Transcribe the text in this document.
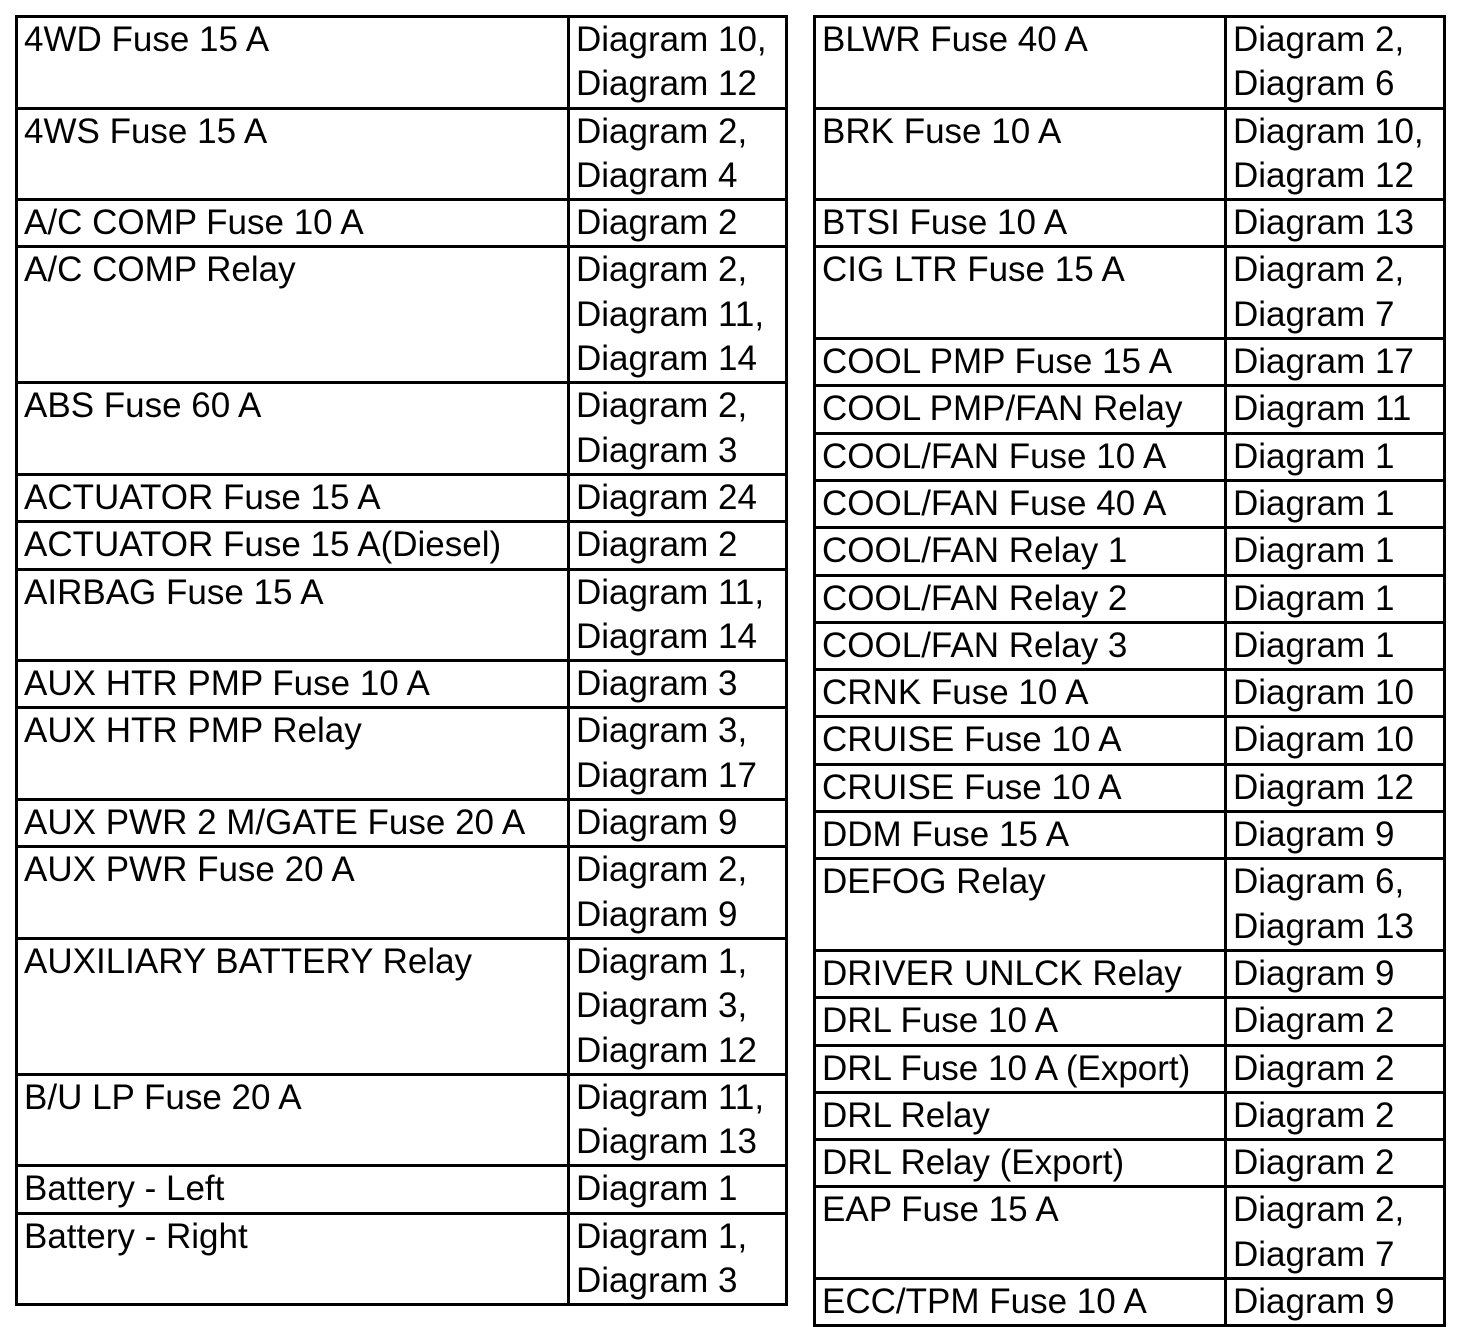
4WD Fuse 15 A	Diagram 10,
Diagram 12

4WS Fuse 15 A	Diagram 2,
Diagram 4

A/C COMP Fuse 10 A	Diagram 2

A/C COMP Relay	Diagram 2,
Diagram 11,
Diagram 14

ABS Fuse 60 A	Diagram 2,
Diagram 3

ACTUATOR Fuse 15 A	Diagram 24

ACTUATOR Fuse 15 A(Diesel)	Diagram 2

AIRBAG Fuse 15 A	Diagram 11,
Diagram 14

AUX HTR PMP Fuse 10 A	Diagram 3

AUX HTR PMP Relay	Diagram 3,
Diagram 17

AUX PWR 2 M/GATE Fuse 20 A	Diagram 9

AUX PWR Fuse 20 A	Diagram 2,
Diagram 9

AUXILIARY BATTERY Relay	Diagram 1,
Diagram 3,
Diagram 12

B/U LP Fuse 20 A	Diagram 11,
Diagram 13

Battery - Left	Diagram 1

Battery - Right	Diagram 1,
Diagram 3
BLWR Fuse 40 A	Diagram 2,
Diagram 6

BRK Fuse 10 A	Diagram 10,
Diagram 12

BTSI Fuse 10 A	Diagram 13

CIG LTR Fuse 15 A	Diagram 2,
Diagram 7

COOL PMP Fuse 15 A	Diagram 17

COOL PMP/FAN Relay	Diagram 11

COOL/FAN Fuse 10 A	Diagram 1

COOL/FAN Fuse 40 A	Diagram 1

COOL/FAN Relay 1	Diagram 1

COOL/FAN Relay 2	Diagram 1

COOL/FAN Relay 3	Diagram 1

CRNK Fuse 10 A	Diagram 10

CRUISE Fuse 10 A	Diagram 10

CRUISE Fuse 10 A	Diagram 12

DDM Fuse 15 A	Diagram 9

DEFOG Relay	Diagram 6,
Diagram 13

DRIVER UNLCK Relay	Diagram 9

DRL Fuse 10 A	Diagram 2

DRL Fuse 10 A (Export)	Diagram 2

DRL Relay	Diagram 2

DRL Relay (Export)	Diagram 2

EAP Fuse 15 A	Diagram 2,
Diagram 7

ECC/TPM Fuse 10 A	Diagram 9
